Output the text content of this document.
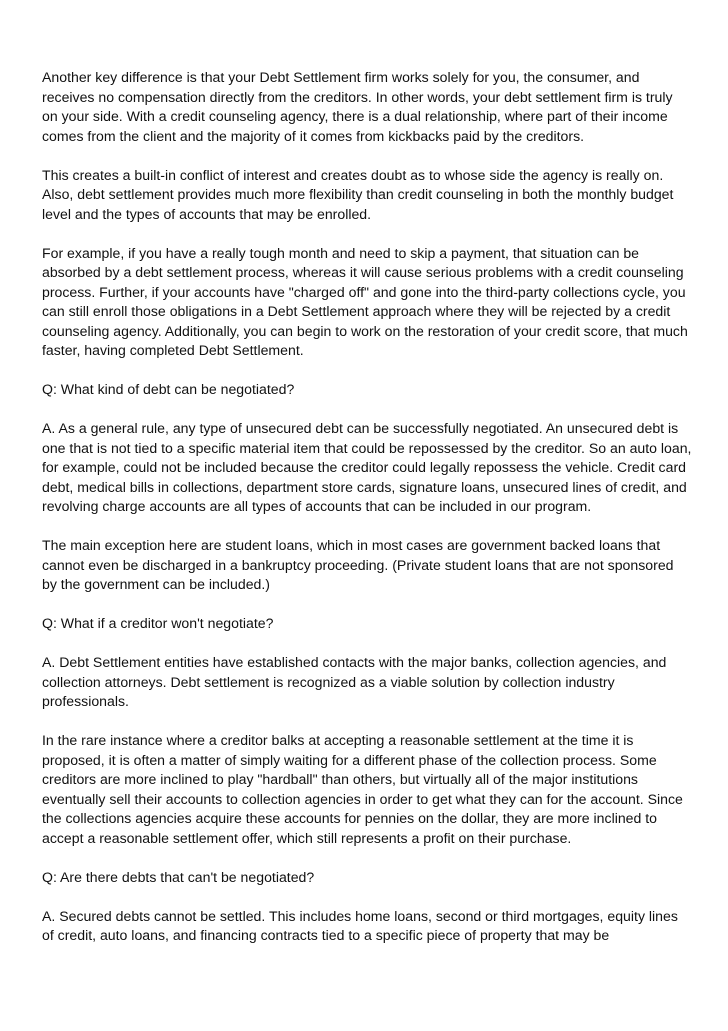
Another key difference is that your Debt Settlement firm works solely for you, the consumer, and receives no compensation directly from the creditors. In other words, your debt settlement firm is truly on your side. With a credit counseling agency, there is a dual relationship, where part of their income comes from the client and the majority of it comes from kickbacks paid by the creditors.

This creates a built-in conflict of interest and creates doubt as to whose side the agency is really on. Also, debt settlement provides much more flexibility than credit counseling in both the monthly budget level and the types of accounts that may be enrolled.

For example, if you have a really tough month and need to skip a payment, that situation can be absorbed by a debt settlement process, whereas it will cause serious problems with a credit counseling process. Further, if your accounts have "charged off" and gone into the third-party collections cycle, you can still enroll those obligations in a Debt Settlement approach where they will be rejected by a credit counseling agency. Additionally, you can begin to work on the restoration of your credit score, that much faster, having completed Debt Settlement.

Q: What kind of debt can be negotiated?

A. As a general rule, any type of unsecured debt can be successfully negotiated. An unsecured debt is one that is not tied to a specific material item that could be repossessed by the creditor. So an auto loan, for example, could not be included because the creditor could legally repossess the vehicle. Credit card debt, medical bills in collections, department store cards, signature loans, unsecured lines of credit, and revolving charge accounts are all types of accounts that can be included in our program.

The main exception here are student loans, which in most cases are government backed loans that cannot even be discharged in a bankruptcy proceeding. (Private student loans that are not sponsored by the government can be included.)

Q: What if a creditor won't negotiate?

A. Debt Settlement entities have established contacts with the major banks, collection agencies, and collection attorneys. Debt settlement is recognized as a viable solution by collection industry professionals.

In the rare instance where a creditor balks at accepting a reasonable settlement at the time it is proposed, it is often a matter of simply waiting for a different phase of the collection process. Some creditors are more inclined to play "hardball" than others, but virtually all of the major institutions eventually sell their accounts to collection agencies in order to get what they can for the account. Since the collections agencies acquire these accounts for pennies on the dollar, they are more inclined to accept a reasonable settlement offer, which still represents a profit on their purchase.

Q: Are there debts that can't be negotiated?

A. Secured debts cannot be settled. This includes home loans, second or third mortgages, equity lines of credit, auto loans, and financing contracts tied to a specific piece of property that may be
